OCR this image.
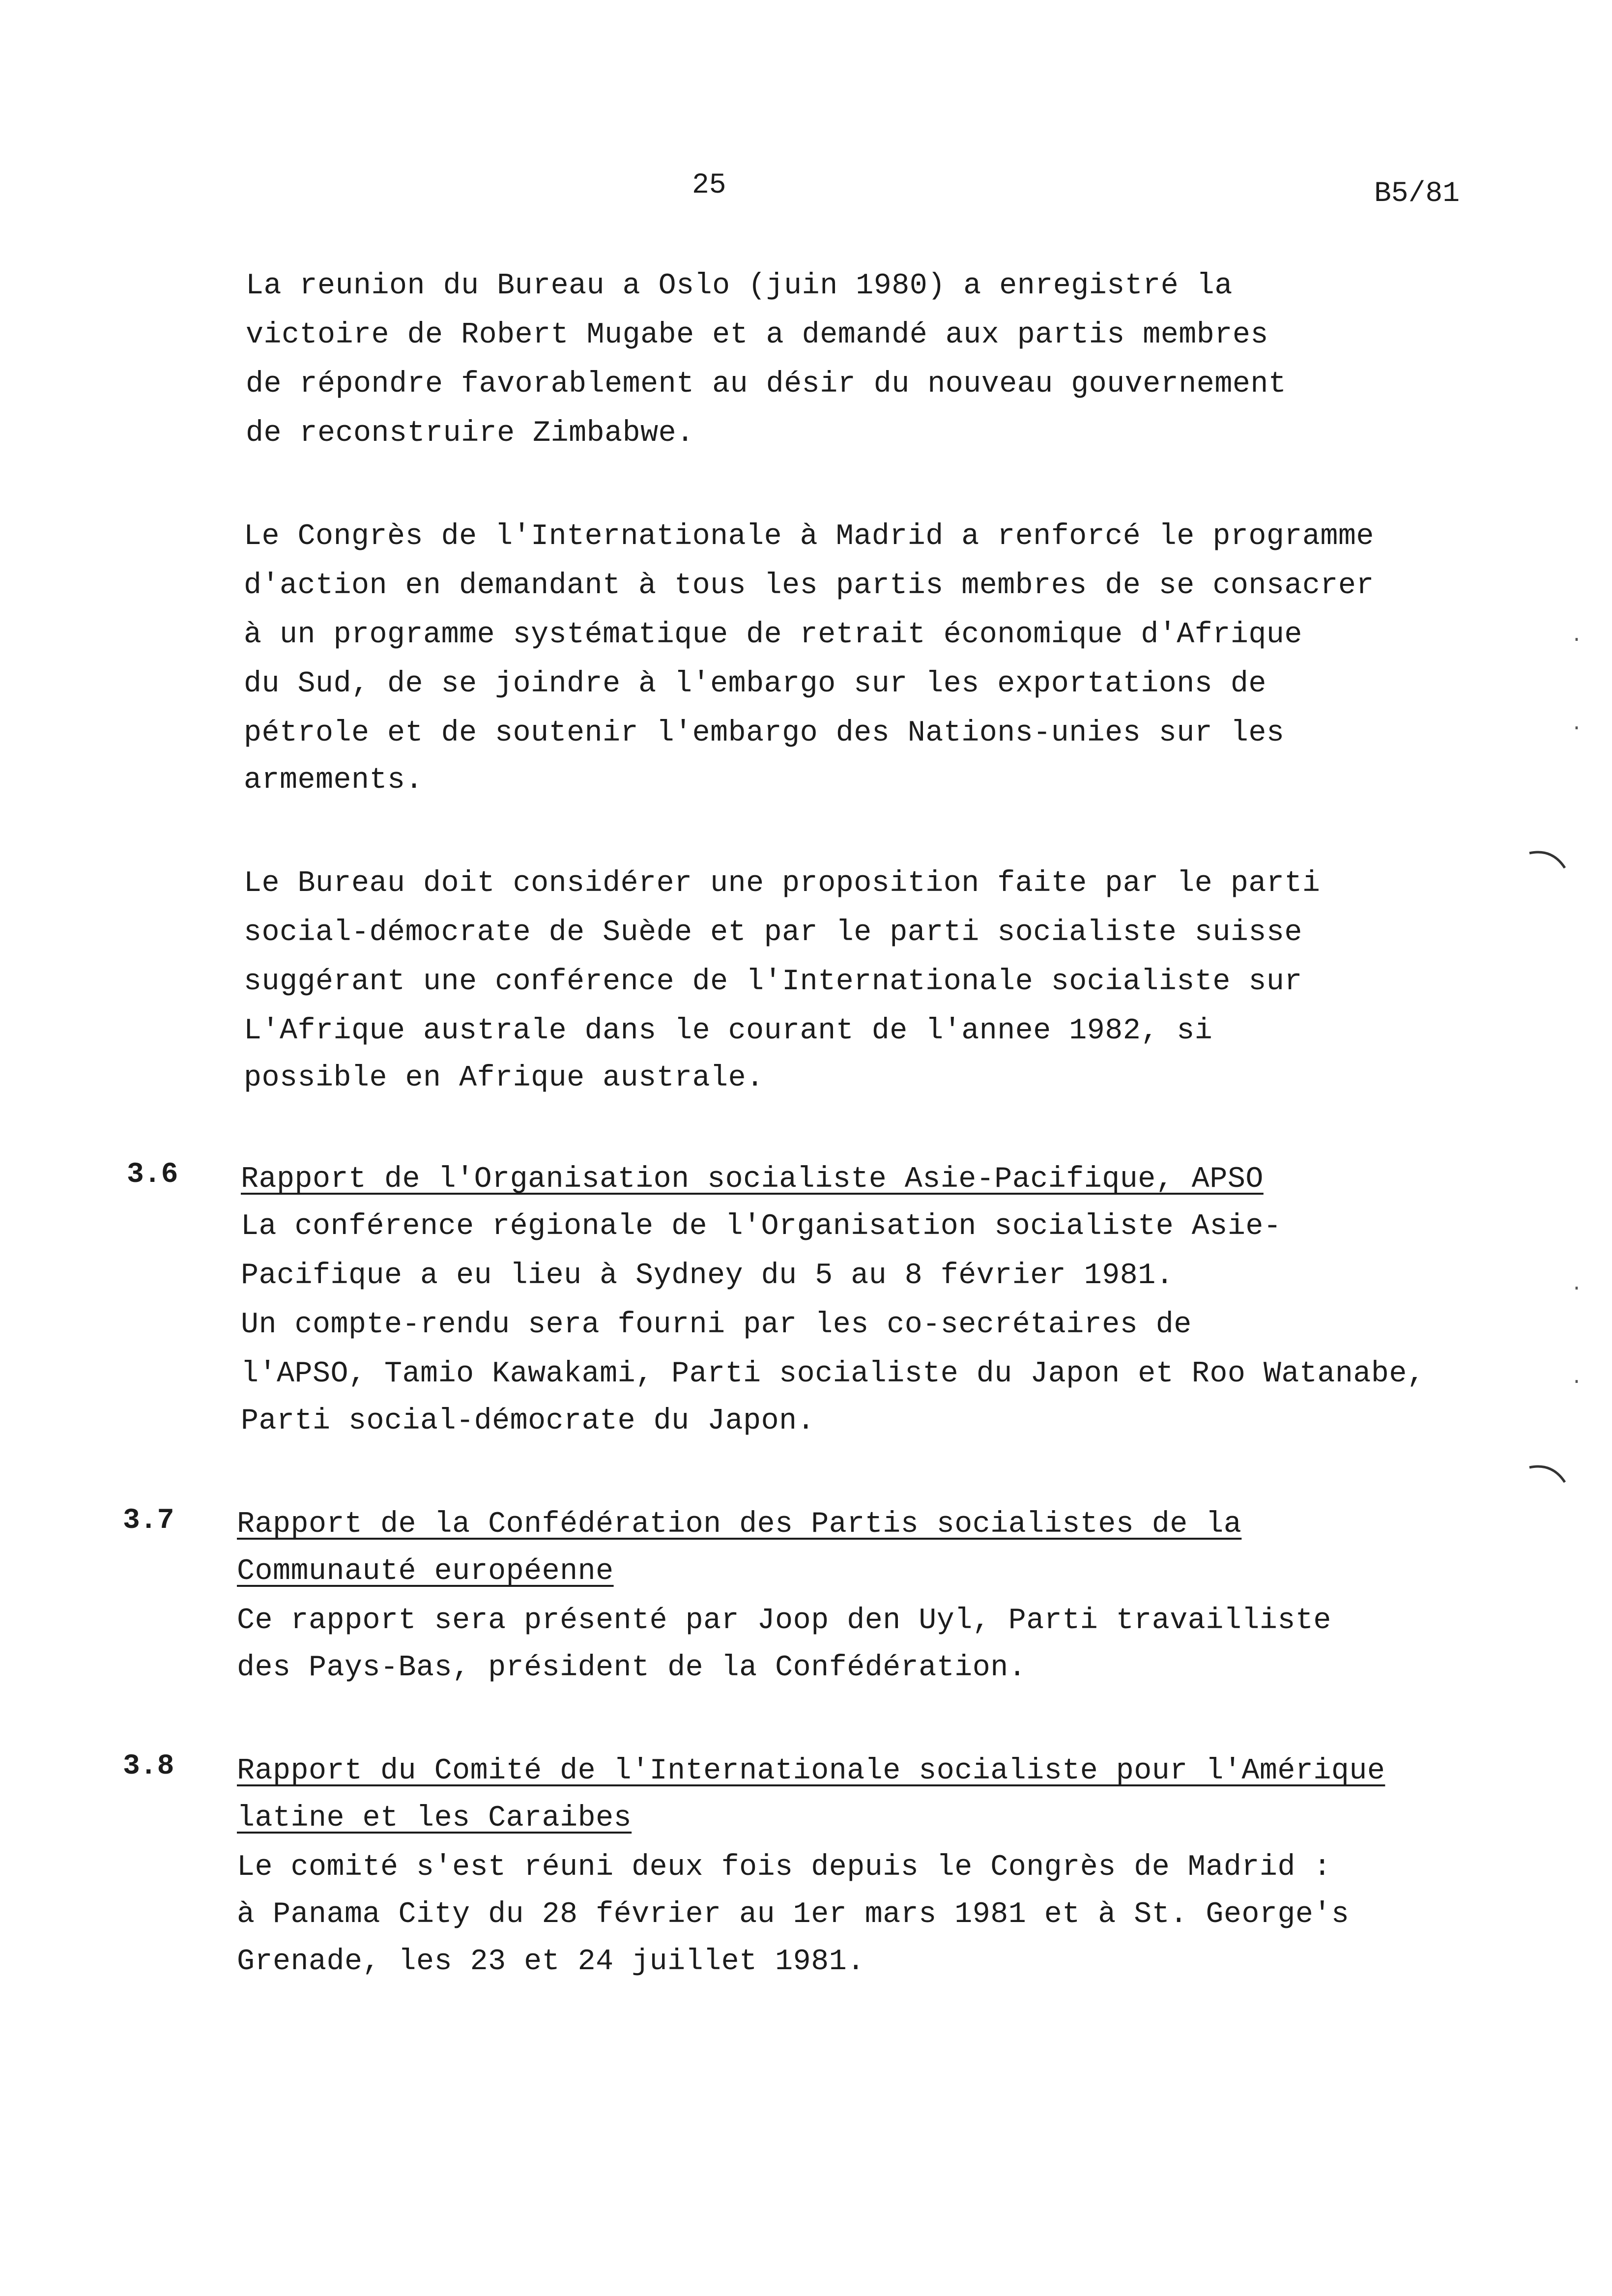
25	B5/81
La reunion du Bureau a Oslo (juin 1980) a enregistré la
victoire de Robert Mugabe et a demandé aux partis membres
de répondre favorablement au désir du nouveau gouvernement
de reconstruire Zimbabwe.
Le Congrès de l'Internationale à Madrid a renforcé le programme
d'action en demandant à tous les partis membres de se consacrer
à un programme systématique de retrait économique d'Afrique
du Sud, de se joindre à l'embargo sur les exportations de
pétrole et de soutenir l'embargo des Nations-unies sur les
armements.
Le Bureau doit considérer une proposition faite par le parti
social-démocrate de Suède et par le parti socialiste suisse
suggérant une conférence de l'Internationale socialiste sur
L'Afrique australe dans le courant de l'annee 1982, si
possible en Afrique australe.
3.6 Rapport de l'Organisation socialiste Asie-Pacifique, APSO
La conférence régionale de l'Organisation socialiste Asie-
Pacifique a eu lieu à Sydney du 5 au 8 février 1981.
Un compte-rendu sera fourni par les co-secrétaires de
l'APSO, Tamio Kawakami, Parti socialiste du Japon et Roo Watanabe,
Parti social-démocrate du Japon.
3.7 Rapport de la Confédération des Partis socialistes de la
Communauté européenne
Ce rapport sera présenté par Joop den Uyl, Parti travailliste
des Pays-Bas, président de la Confédération.
3.8 Rapport du Comité de l'Internationale socialiste pour l'Amérique
latine et les Caraibes
Le comité s'est réuni deux fois depuis le Congrès de Madrid :
à Panama City du 28 février au 1er mars 1981 et à St. George's
Grenade, les 23 et 24 juillet 1981.
·
·
·
·
